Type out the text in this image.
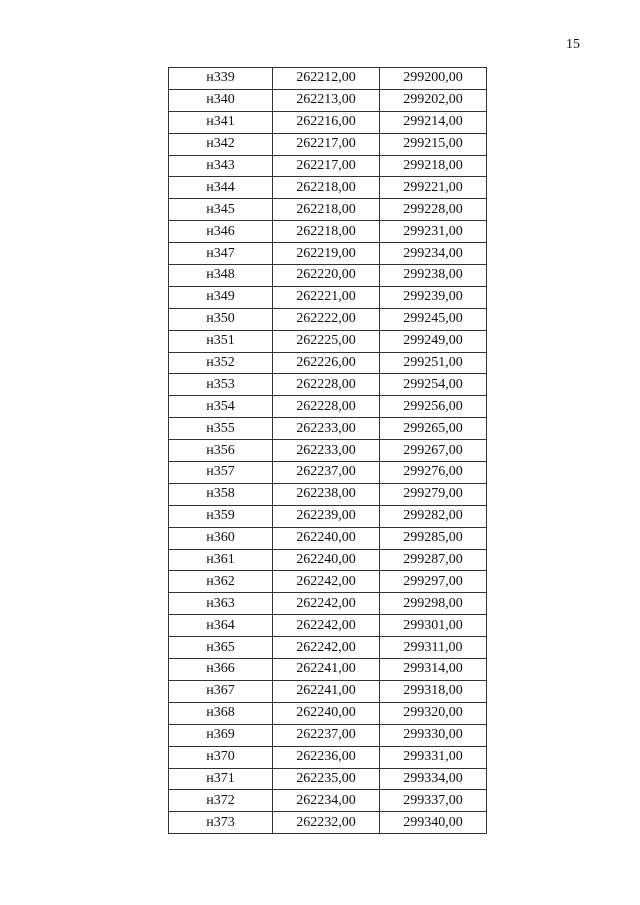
15
н339	262212,00	299200,00
н340	262213,00	299202,00
н341	262216,00	299214,00
н342	262217,00	299215,00
н343	262217,00	299218,00
н344	262218,00	299221,00
н345	262218,00	299228,00
н346	262218,00	299231,00
н347	262219,00	299234,00
н348	262220,00	299238,00
н349	262221,00	299239,00
н350	262222,00	299245,00
н351	262225,00	299249,00
н352	262226,00	299251,00
н353	262228,00	299254,00
н354	262228,00	299256,00
н355	262233,00	299265,00
н356	262233,00	299267,00
н357	262237,00	299276,00
н358	262238,00	299279,00
н359	262239,00	299282,00
н360	262240,00	299285,00
н361	262240,00	299287,00
н362	262242,00	299297,00
н363	262242,00	299298,00
н364	262242,00	299301,00
н365	262242,00	299311,00
н366	262241,00	299314,00
н367	262241,00	299318,00
н368	262240,00	299320,00
н369	262237,00	299330,00
н370	262236,00	299331,00
н371	262235,00	299334,00
н372	262234,00	299337,00
н373	262232,00	299340,00
